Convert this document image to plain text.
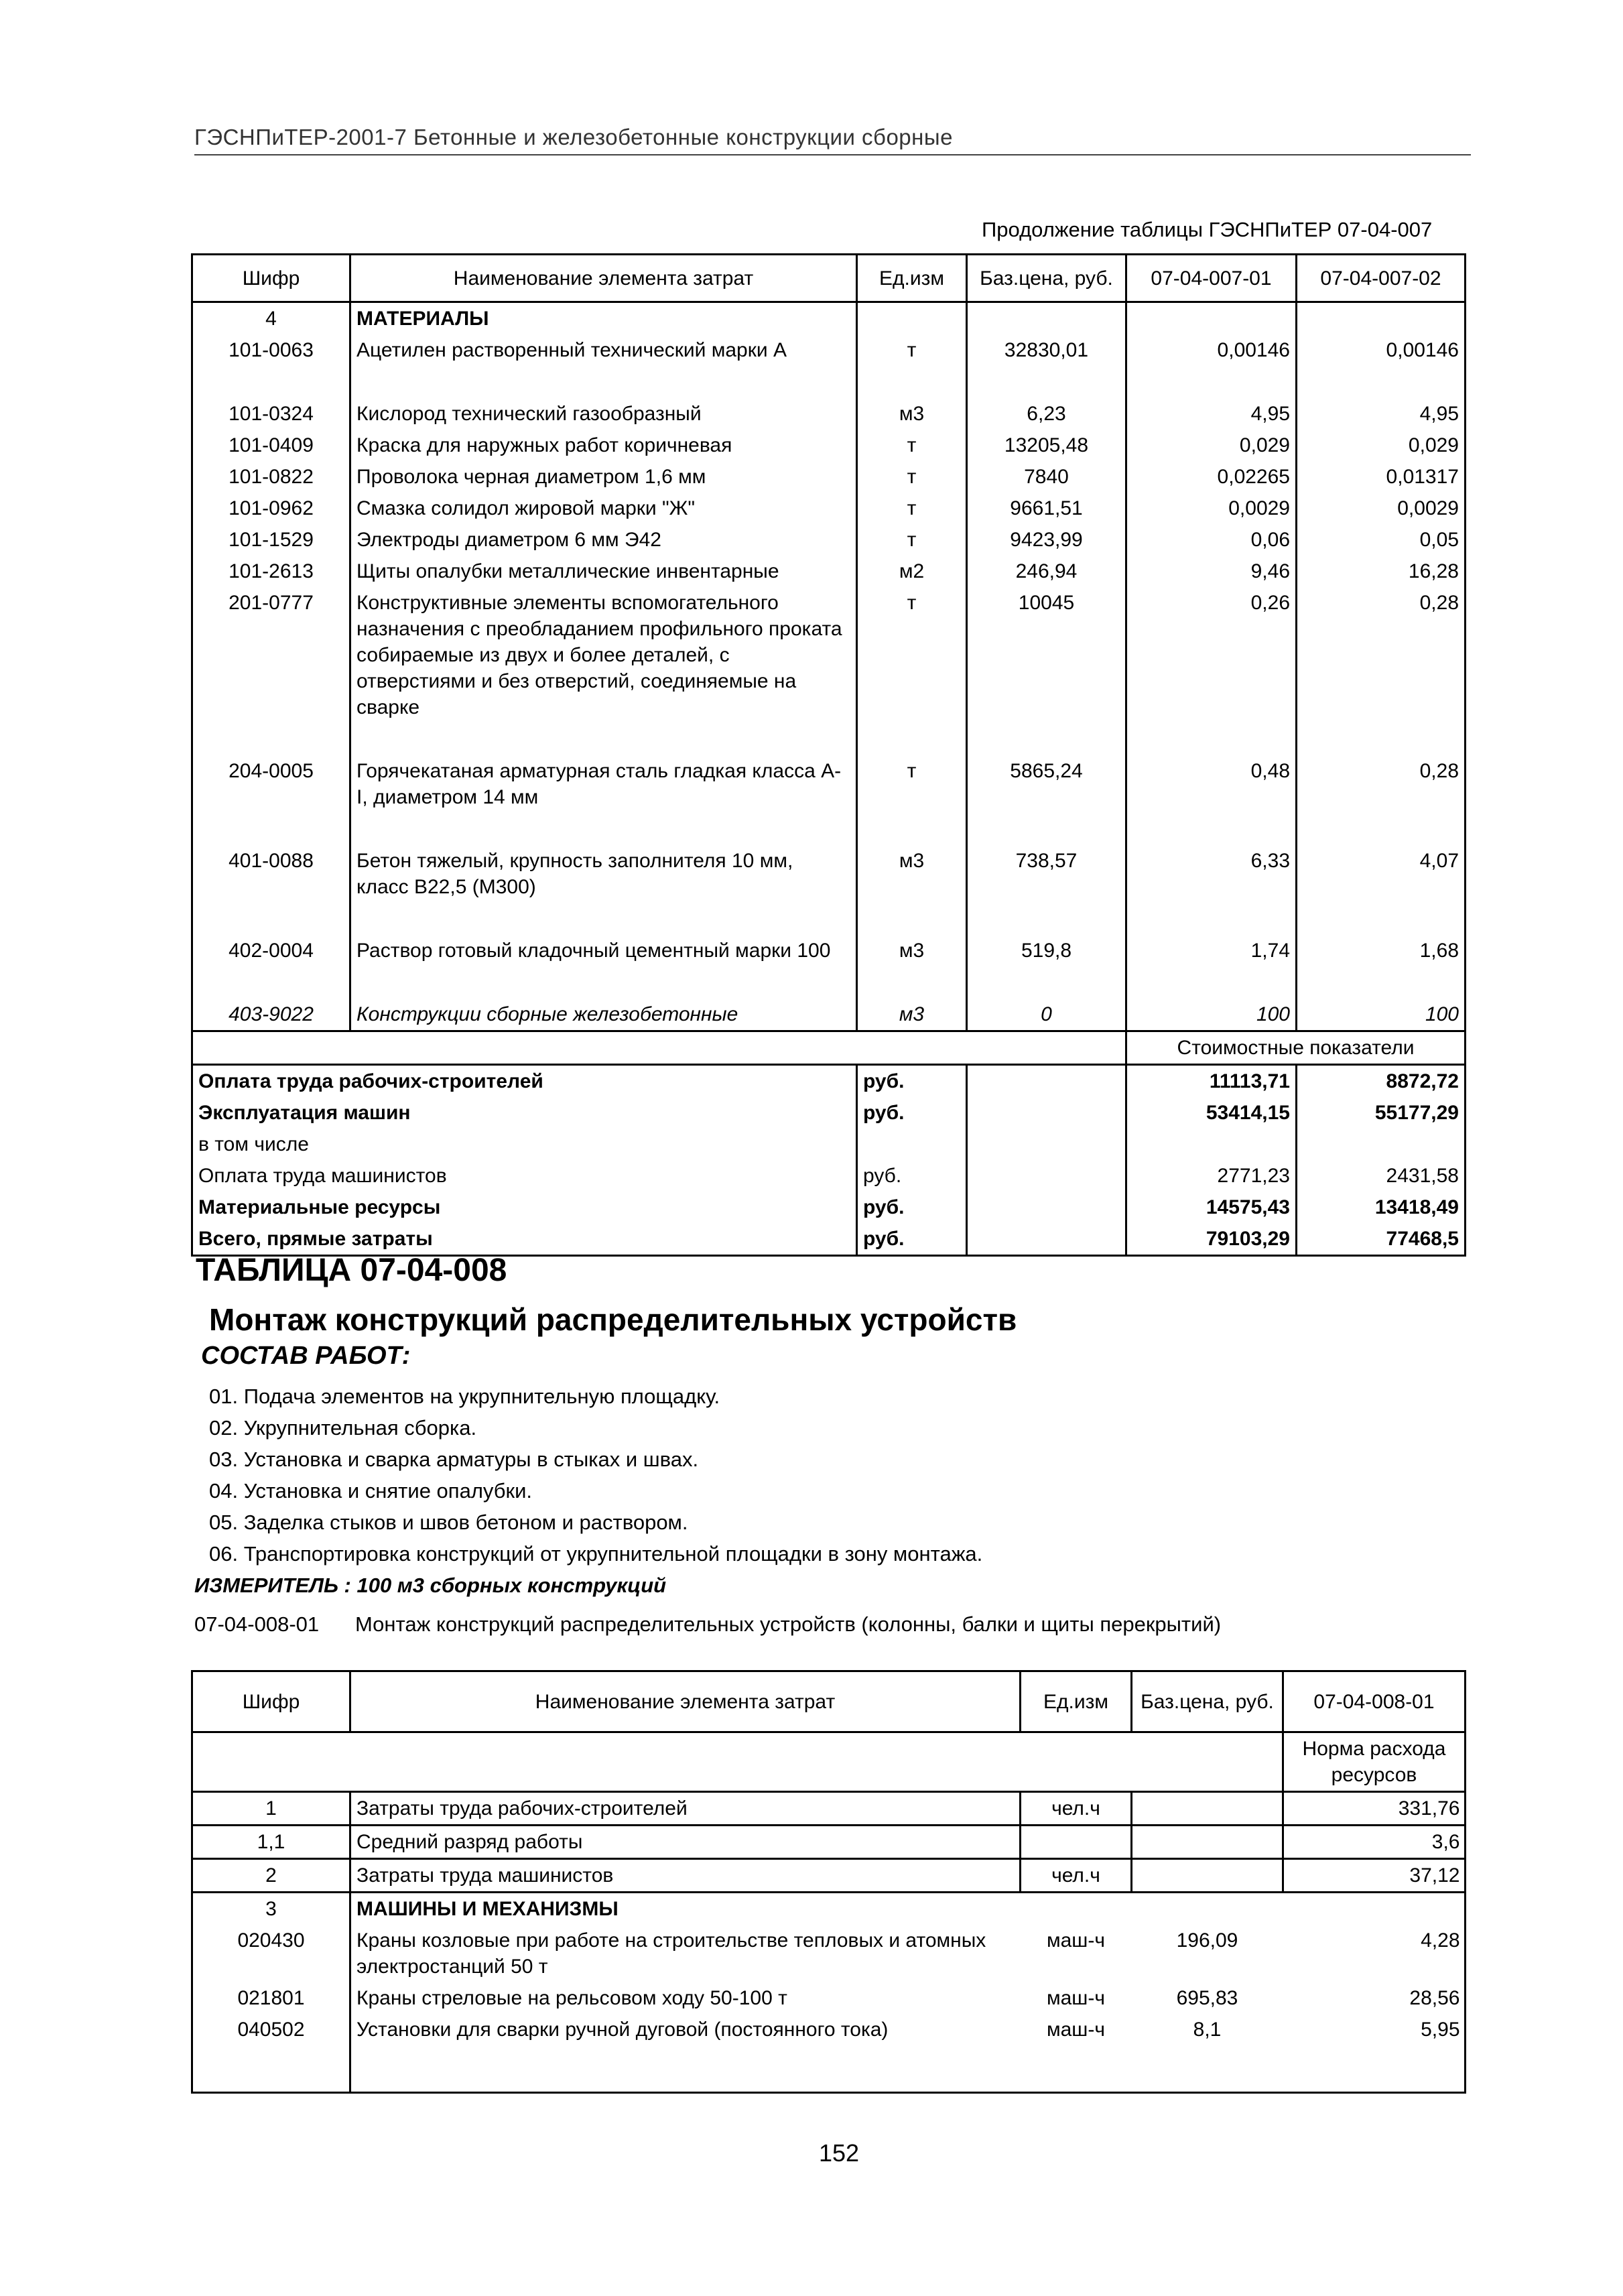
ГЭСНПиТЕР-2001-7 Бетонные и железобетонные конструкции сборные
Продолжение таблицы ГЭСНПиТЕР 07-04-007
Шифр	Наименование элемента затрат	Ед.изм	Баз.цена, руб.	07-04-007-01	07-04-007-02
4	МАТЕРИАЛЫ				
101-0063	Ацетилен растворенный технический марки А	т	32830,01	0,00146	0,00146

101-0324	Кислород технический газообразный	м3	6,23	4,95	4,95
101-0409	Краска для наружных работ коричневая	т	13205,48	0,029	0,029
101-0822	Проволока черная диаметром 1,6 мм	т	7840	0,02265	0,01317
101-0962	Смазка солидол жировой марки "Ж"	т	9661,51	0,0029	0,0029
101-1529	Электроды диаметром 6 мм Э42	т	9423,99	0,06	0,05
101-2613	Щиты опалубки металлические инвентарные	м2	246,94	9,46	16,28
201-0777	Конструктивные элементы вспомогательного назначения с преобладанием профильного проката собираемые из двух и более деталей, с отверстиями и без отверстий, соединяемые на сварке	т	10045	0,26	0,28

204-0005	Горячекатаная арматурная сталь гладкая класса А-I, диаметром 14 мм	т	5865,24	0,48	0,28

401-0088	Бетон тяжелый, крупность заполнителя 10 мм, класс В22,5 (М300)	м3	738,57	6,33	4,07

402-0004	Раствор готовый кладочный цементный марки 100	м3	519,8	1,74	1,68

403-9022	Конструкции сборные железобетонные	м3	0	100	100
				Стоимостные показатели	
Оплата труда рабочих-строителей		руб.		11113,71	8872,72
Эксплуатация машин		руб.		53414,15	55177,29
в том числе					
Оплата труда машинистов		руб.		2771,23	2431,58
Материальные ресурсы		руб.		14575,43	13418,49
Всего, прямые затраты		руб.		79103,29	77468,5
ТАБЛИЦА 07-04-008
Монтаж конструкций распределительных устройств
СОСТАВ РАБОТ:
01. Подача элементов на укрупнительную площадку.
02. Укрупнительная сборка.
03. Установка и сварка арматуры в стыках и швах.
04. Установка и снятие опалубки.
05. Заделка стыков и швов бетоном и раствором.
06. Транспортировка конструкций от укрупнительной площадки в зону монтажа.
ИЗМЕРИТЕЛЬ : 100 м3 сборных конструкций
07-04-008-01 Монтаж конструкций распределительных устройств (колонны, балки и щиты перекрытий)
Шифр	Наименование элемента затрат	Ед.изм	Баз.цена, руб.	07-04-008-01
				Норма расхода ресурсов
1	Затраты труда рабочих-строителей	чел.ч		331,76
1,1	Средний разряд работы			3,6
2	Затраты труда машинистов	чел.ч		37,12
3	МАШИНЫ И МЕХАНИЗМЫ			
020430	Краны козловые при работе на строительстве тепловых и атомных электростанций 50 т	маш-ч	196,09	4,28
021801	Краны стреловые на рельсовом ходу 50-100 т	маш-ч	695,83	28,56
040502	Установки для сварки ручной дуговой (постоянного тока)	маш-ч	8,1	5,95

152
